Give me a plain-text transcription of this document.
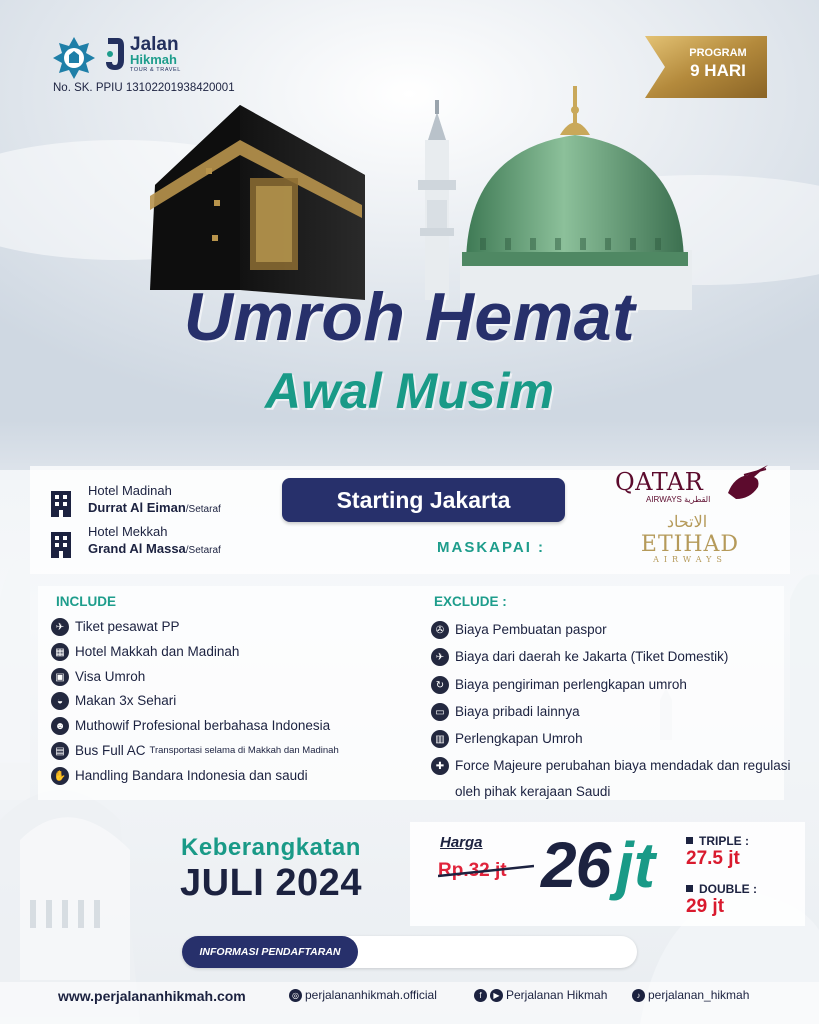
Jalan
Hikmah
TOUR & TRAVEL
No. SK. PPIU 13102201938420001
PROGRAM
9 HARI
Umroh Hemat
Awal Musim
Hotel Madinah
Durrat Al Eiman/Setaraf
Hotel Mekkah
Grand Al Massa/Setaraf
Starting Jakarta
MASKAPAI :
QATAR
AIRWAYS القطرية
الاتحاد
ETIHAD
AIRWAYS
INCLUDE	EXCLUDE :
✈ Tiket pesawat PP
▦ Hotel Makkah dan Madinah
▣ Visa Umroh
◒ Makan 3x Sehari
☻ Muthowif Profesional berbahasa Indonesia
▤ Bus Full AC Transportasi selama di Makkah dan Madinah
✋ Handling Bandara Indonesia dan saudi
✇ Biaya Pembuatan paspor
✈ Biaya dari daerah ke Jakarta (Tiket Domestik)
↻ Biaya pengiriman perlengkapan umroh
▭ Biaya pribadi lainnya
▥ Perlengkapan Umroh
✚ Force Majeure perubahan biaya mendadak dan regulasi oleh pihak kerajaan Saudi
Keberangkatan
JULI 2024
Harga
Rp.32 jt 26 jt	TRIPLE :
27.5 jt
DOUBLE :
29 jt
INFORMASI PENDAFTARAN
www.perjalananhikmah.com	◎ perjalananhikmah.official	f	▶ Perjalanan Hikmah	♪ perjalanan_hikmah
